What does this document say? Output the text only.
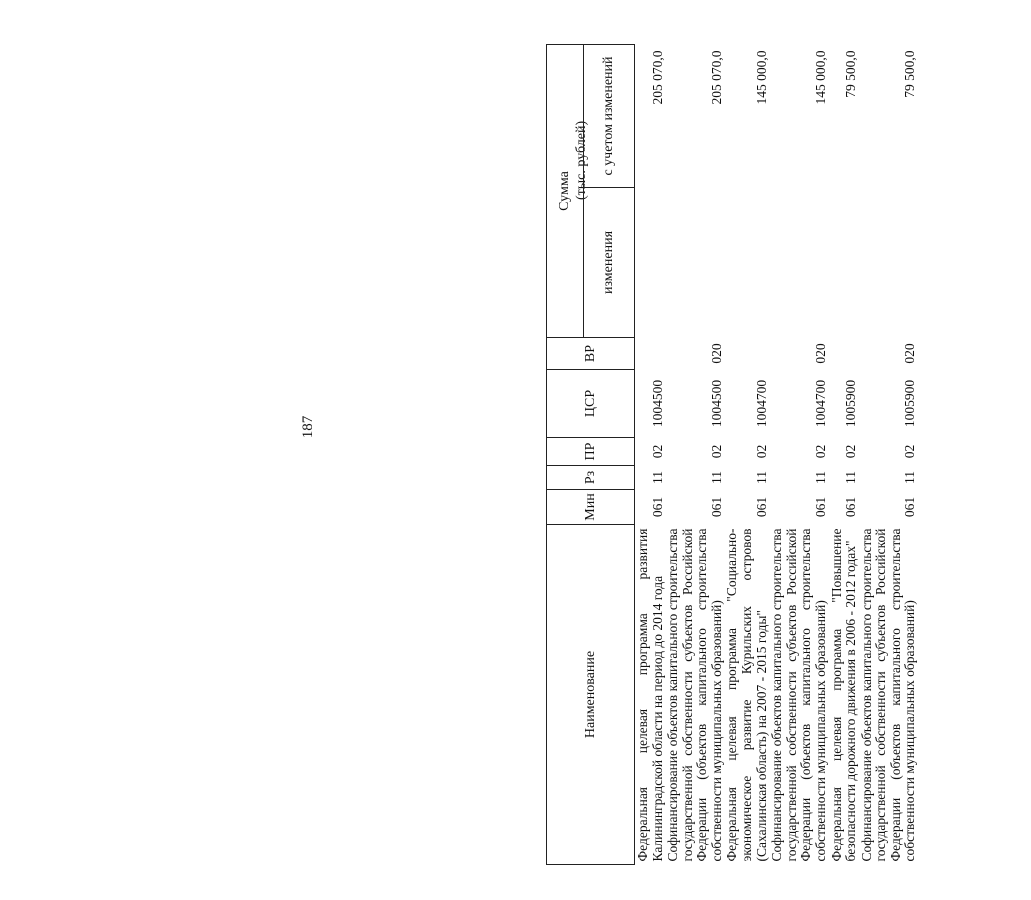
187
(тыс. рублей)
Наименование	Мин	Рз	ПР	ЦСР	ВР	Сумма	
						изменения	с учетом изменений
Федеральная целевая программа развития Калининградской области на период до 2014 года	061	11	02	1004500			205 070,0
Софинансирование объектов капитального строительства государственной собственности субъектов Российской Федерации (объектов капитального строительства собственности муниципальных образований)	061	11	02	1004500	020		205 070,0
Федеральная целевая программа "Социально-экономическое развитие Курильских островов (Сахалинская область) на 2007 - 2015 годы"	061	11	02	1004700			145 000,0
Софинансирование объектов капитального строительства государственной собственности субъектов Российской Федерации (объектов капитального строительства собственности муниципальных образований)	061	11	02	1004700	020		145 000,0
Федеральная целевая программа "Повышение безопасности дорожного движения в 2006 - 2012 годах"	061	11	02	1005900			79 500,0
Софинансирование объектов капитального строительства государственной собственности субъектов Российской Федерации (объектов капитального строительства собственности муниципальных образований)	061	11	02	1005900	020		79 500,0
